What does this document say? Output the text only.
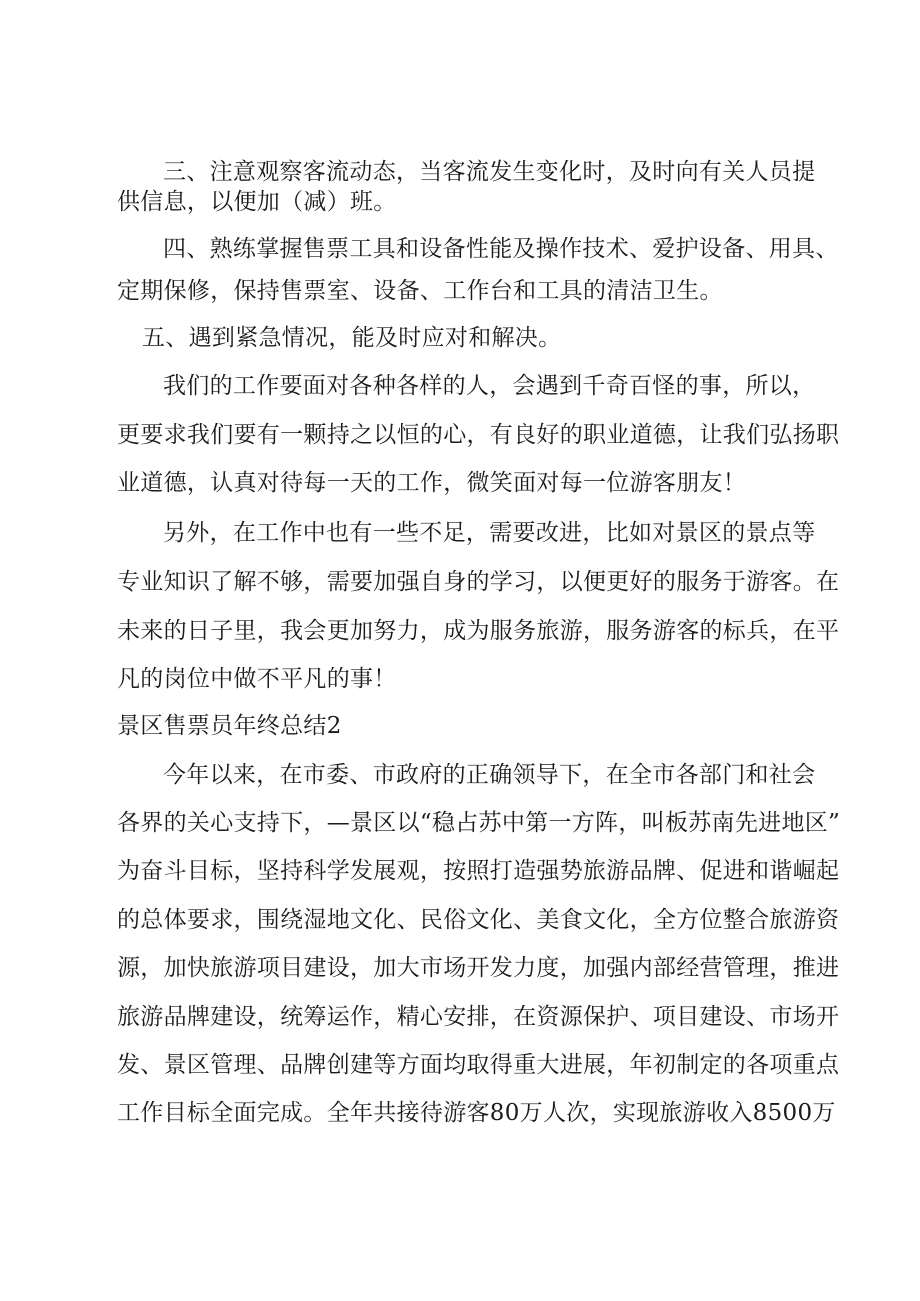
三、注意观察客流动态，当客流发生变化时，及时向有关人员提

供信息，以便加（减）班。

四、熟练掌握售票工具和设备性能及操作技术、爱护设备、用具、

定期保修，保持售票室、设备、工作台和工具的清洁卫生。

五、遇到紧急情况，能及时应对和解决。

我们的工作要面对各种各样的人，会遇到千奇百怪的事，所以，

更要求我们要有一颗持之以恒的心，有良好的职业道德，让我们弘扬职

业道德，认真对待每一天的工作，微笑面对每一位游客朋友！

另外，在工作中也有一些不足，需要改进，比如对景区的景点等

专业知识了解不够，需要加强自身的学习，以便更好的服务于游客。在

未来的日子里，我会更加努力，成为服务旅游，服务游客的标兵，在平

凡的岗位中做不平凡的事！

景区售票员年终总结2

今年以来，在市委、市政府的正确领导下，在全市各部门和社会

各界的关心支持下，—景区以“稳占苏中第一方阵，叫板苏南先进地区”

为奋斗目标，坚持科学发展观，按照打造强势旅游品牌、促进和谐崛起

的总体要求，围绕湿地文化、民俗文化、美食文化，全方位整合旅游资

源，加快旅游项目建设，加大市场开发力度，加强内部经营管理，推进

旅游品牌建设，统筹运作，精心安排，在资源保护、项目建设、市场开

发、景区管理、品牌创建等方面均取得重大进展，年初制定的各项重点

工作目标全面完成。全年共接待游客80万人次，实现旅游收入8500万
